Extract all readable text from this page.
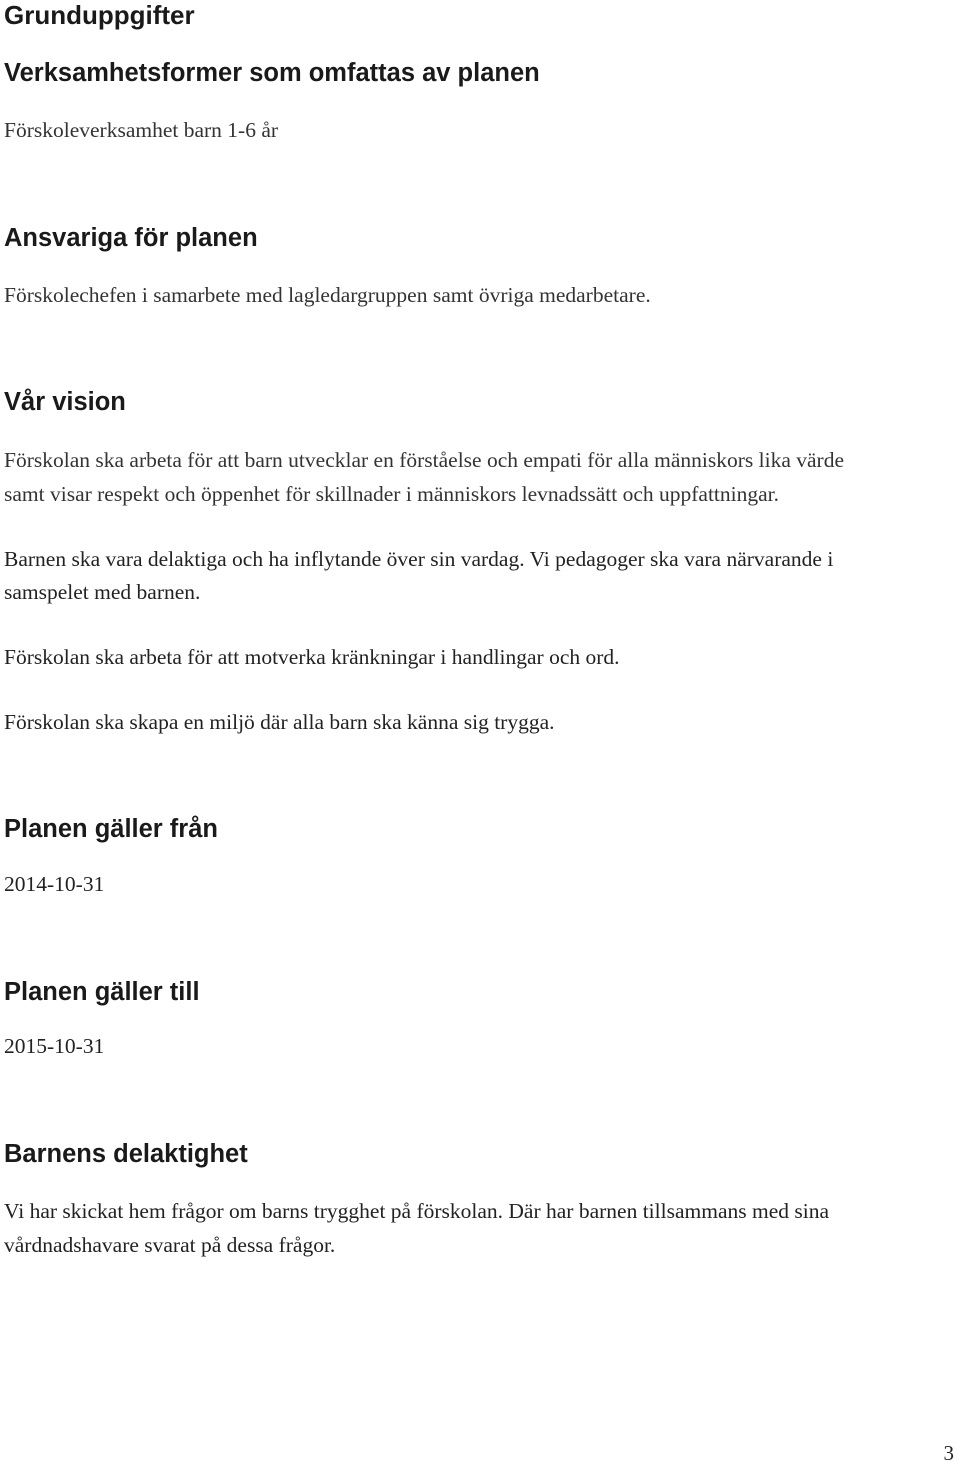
Grunduppgifter
Verksamhetsformer som omfattas av planen

Förskoleverksamhet barn 1-6 år

Ansvariga för planen

Förskolechefen i samarbete med lagledargruppen samt övriga medarbetare.

Vår vision

Förskolan ska arbeta för att barn utvecklar en förståelse och empati för alla människors lika värde

samt visar respekt och öppenhet för skillnader i människors levnadssätt och uppfattningar.

Barnen ska vara delaktiga och ha inflytande över sin vardag. Vi pedagoger ska vara närvarande i

samspelet med barnen.

Förskolan ska arbeta för att motverka kränkningar i handlingar och ord.

Förskolan ska skapa en miljö där alla barn ska känna sig trygga.

Planen gäller från

2014-10-31

Planen gäller till

2015-10-31

Barnens delaktighet

Vi har skickat hem frågor om barns trygghet på förskolan. Där har barnen tillsammans med sina

vårdnadshavare svarat på dessa frågor.

3
